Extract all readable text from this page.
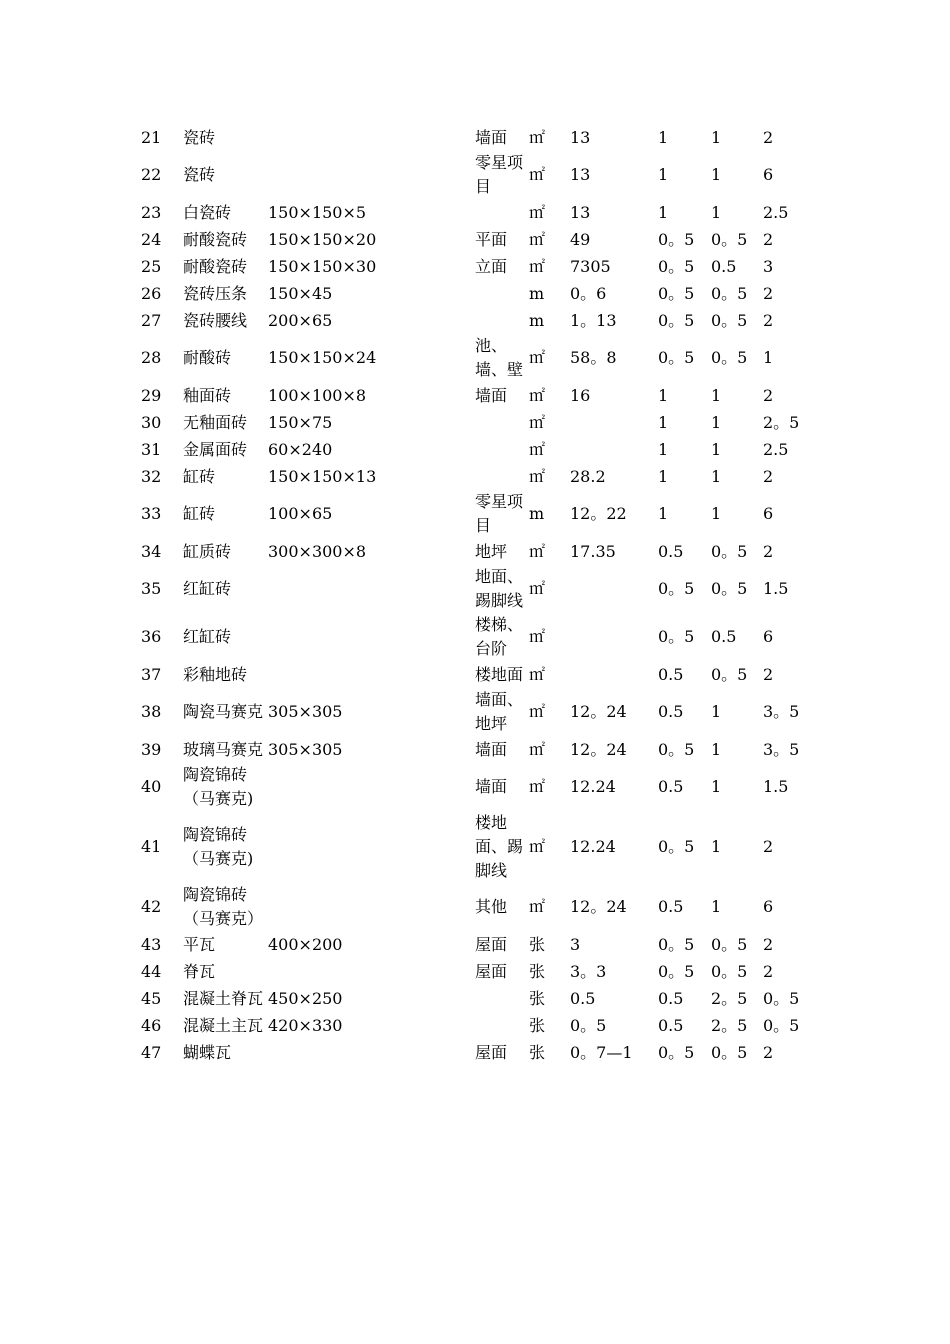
21	瓷砖		墙面	㎡	13	1	1	2
22	瓷砖		零星项目	㎡	13	1	1	6
23	白瓷砖	150×150×5		㎡	13	1	1	2.5
24	耐酸瓷砖	150×150×20	平面	㎡	49	0。5	0。5	2
25	耐酸瓷砖	150×150×30	立面	㎡	7305	0。5	0.5	3
26	瓷砖压条	150×45		m	0。6	0。5	0。5	2
27	瓷砖腰线	200×65		m	1。13	0。5	0。5	2
28	耐酸砖	150×150×24	池、墙、壁	㎡	58。8	0。5	0。5	1
29	釉面砖	100×100×8	墙面	㎡	16	1	1	2
30	无釉面砖	150×75		㎡		1	1	2。5
31	金属面砖	60×240		㎡		1	1	2.5
32	缸砖	150×150×13		㎡	28.2	1	1	2
33	缸砖	100×65	零星项目	m	12。22	1	1	6
34	缸质砖	300×300×8	地坪	㎡	17.35	0.5	0。5	2
35	红缸砖		地面、踢脚线	㎡		0。5	0。5	1.5
36	红缸砖		楼梯、台阶	㎡		0。5	0.5	6
37	彩釉地砖		楼地面	㎡		0.5	0。5	2
38	陶瓷马赛克	305×305	墙面、地坪	㎡	12。24	0.5	1	3。5
39	玻璃马赛克	305×305	墙面	㎡	12。24	0。5	1	3。5
40	陶瓷锦砖（马赛克)		墙面	㎡	12.24	0.5	1	1.5
41	陶瓷锦砖（马赛克)		楼地面、踢脚线	㎡	12.24	0。5	1	2
42	陶瓷锦砖（马赛克）		其他	㎡	12。24	0.5	1	6
43	平瓦	400×200	屋面	张	3	0。5	0。5	2
44	脊瓦		屋面	张	3。3	0。5	0。5	2
45	混凝土脊瓦	450×250		张	0.5	0.5	2。5	0。5
46	混凝土主瓦	420×330		张	0。5	0.5	2。5	0。5
47	蝴蝶瓦		屋面	张	0。7—1	0。5	0。5	2
